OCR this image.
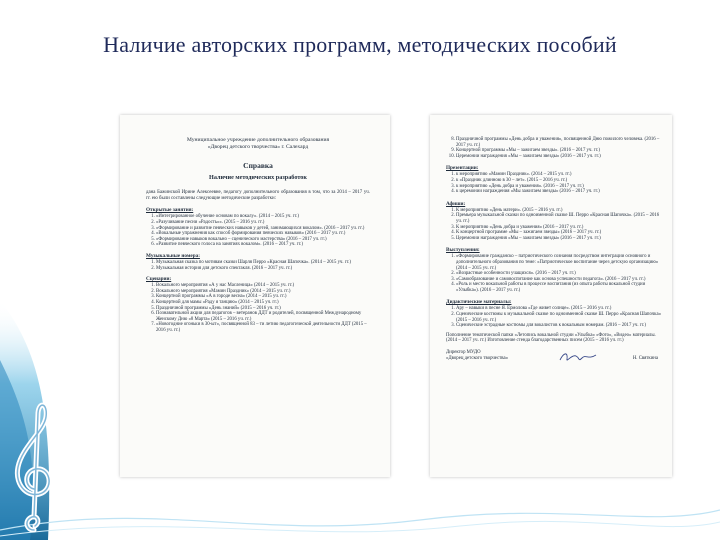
Наличие авторских программ, методических пособий
Муниципальное учреждение дополнительного образования
«Дворец детского творчества» г. Салехард
Справка
Наличие методических разработок
дана Бажинской Ирине Алексеевне, педагогу дополнительного образования в том, что за 2014 – 2017 уч. гг. ею были составлены следующие методические разработки:
Открытые занятия:
1. «Интегрированное обучение основам по вокалу». (2014 – 2015 уч. гг.)
2. «Разучивание песни «Радость»». (2015 – 2016 уч. гг.)
3. «Формирование и развитие певческих навыков у детей, занимающихся вокалом». (2016 – 2017 уч. гг.)
4. «Вокальные упражнения как способ формирования певческих навыков» (2016 – 2017 уч. гг.)
5. «Формирование навыков вокально – сценического мастерства» (2016 – 2017 уч. гг.)
6. «Развитие певческого голоса на занятиях вокалом». (2016 – 2017 уч. гг.)
Музыкальные номера:
1. Музыкальная сказка по мотивам сказки Шарля Перро «Красная Шапочка». (2014 – 2015 уч. гг.)
2. Музыкальная история для детского спектакля. (2016 – 2017 уч. гг.)
Сценарии:
1. Вокального мероприятия «А у нас Масленица» (2014 – 2015 уч. гг.)
2. Вокального мероприятия «Мамин Праздник» (2014 – 2015 уч. гг.)
3. Концертной программы «А в городе весна» (2014 – 2015 уч. гг.)
4. Концертной для мамы «Раду я танцию» (2014 – 2015 уч. гг.)
5. Праздничной программы «День знаний» (2015 – 2016 уч. гг.)
6. Познавательной акции для педагогов – ветеранов ДДТ и родителей, посвященной Международному Женскому Дню «8 Марта» (2015 – 2016 уч. гг.)
7. «Новогодние огоньки в 30-ыт», посвященной 83 – ти летию педагогической деятельности ДДТ (2015 – 2016 уч. гг.)
8. Праздничной программы «День добра и уважения», посвященной Дню пожилого человека. (2016 – 2017 уч. гг.)
9. Концертной программы «Мы – зажигаем звезды». (2016 – 2017 уч. гг.)
10. Церемонии награждения «Мы – зажигаем звезды» (2016 – 2017 уч. гг.)
Презентации:
1. к мероприятию «Мамин Праздник». (2014 – 2015 уч. гг.)
2. к «Праздник длинною в 30 – лет». (2015 – 2016 уч. гг.)
3. к мероприятию «День добра и уважения». (2016 – 2017 уч. гг.)
4. к церемонии награждения «Мы зажигаем звезды» (2016 – 2017 уч. гг.)
Афиши:
1. К мероприятию «День матери». (2015 – 2016 уч. гг.)
2. Премьера музыкальной сказки по одноименной сказке Ш. Перро «Красная Шапочка». (2015 – 2016 уч. гг.)
3. К мероприятию «День добра и уважения» (2016 – 2017 уч. гг.)
4. К концертной программе «Мы – зажигаем звезды» (2016 – 2017 уч. гг.)
5. Церемонии награждения «Мы – зажигаем звезды» (2016 – 2017 уч. гг.)
Выступления:
1. «Формирование гражданско – патриотического сознания посредством интеграции основного и дополнительного образования по теме: «Патриотическое воспитание через детскую организацию» (2014 – 2015 уч. гг.)
2. «Возрастные особенности учащихся». (2016 – 2017 уч. гг.)
3. «Самообразование и самовоспитание как основа успешности педагога». (2016 – 2017 уч. гг.)
4. «Роль и место вокальной работы в процессе воспитания (из опыта работы вокальной студии «Улыбка»). (2016 – 2017 уч. гг.)
Дидактические материалы:
1. Ару – навыки в песне Я. Ермолова «Где живет солнце». (2015 – 2016 уч. гг.)
2. Сценические костюмы к музыкальной сказке по одноименной сказке Ш. Перро «Красная Шапочка» (2015 – 2016 уч. гг.)
3. Сценические эстрадные костюмы для вокалистов к вокальным номерам. (2016 – 2017 уч. гг.)
Пополнение тематической папки «Летопись вокальной студии «Улыбка» «Фото», «Видео» материалы. (2014 – 2017 уч. гг.) Изготовление стенда благодарственных писем (2015 – 2016 уч. гг.)
Директор МУДО
«Дворец детского творчества»	Н. Святкина
